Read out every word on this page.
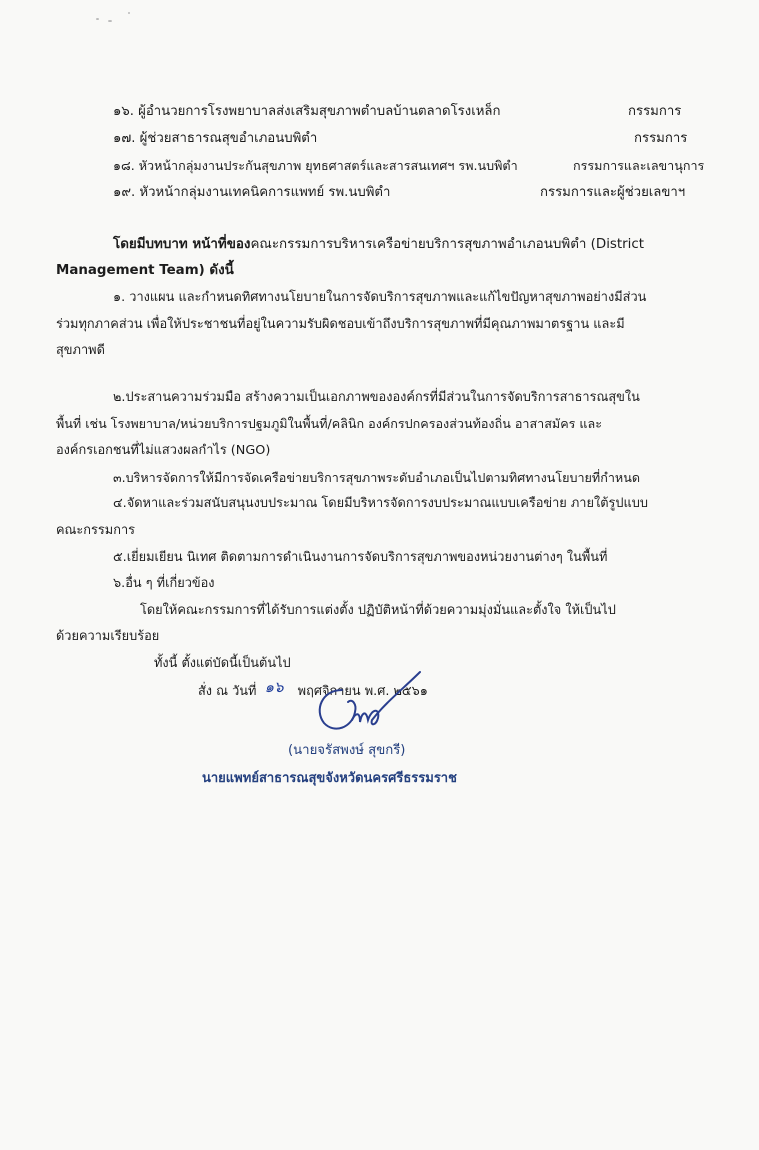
๑๖. ผู้อำนวยการโรงพยาบาลส่งเสริมสุขภาพตำบลบ้านตลาดโรงเหล็ก	กรรมการ
๑๗. ผู้ช่วยสาธารณสุขอำเภอนบพิตำ	กรรมการ
๑๘. หัวหน้ากลุ่มงานประกันสุขภาพ ยุทธศาสตร์และสารสนเทศฯ รพ.นบพิตำ	กรรมการและเลขานุการ
๑๙. หัวหน้ากลุ่มงานเทคนิคการแพทย์ รพ.นบพิตำ	กรรมการและผู้ช่วยเลขาฯ
โดยมีบทบาท หน้าที่ของคณะกรรมการบริหารเครือข่ายบริการสุขภาพอำเภอนบพิตำ (District
Management Team) ดังนี้
๑. วางแผน และกำหนดทิศทางนโยบายในการจัดบริการสุขภาพและแก้ไขปัญหาสุขภาพอย่างมีส่วน
ร่วมทุกภาคส่วน เพื่อให้ประชาชนที่อยู่ในความรับผิดชอบเข้าถึงบริการสุขภาพที่มีคุณภาพมาตรฐาน และมี
สุขภาพดี
๒.ประสานความร่วมมือ สร้างความเป็นเอกภาพขององค์กรที่มีส่วนในการจัดบริการสาธารณสุขใน
พื้นที่ เช่น โรงพยาบาล/หน่วยบริการปฐมภูมิในพื้นที่/คลินิก องค์กรปกครองส่วนท้องถิ่น อาสาสมัคร และ
องค์กรเอกชนที่ไม่แสวงผลกำไร (NGO)
๓.บริหารจัดการให้มีการจัดเครือข่ายบริการสุขภาพระดับอำเภอเป็นไปตามทิศทางนโยบายที่กำหนด
๔.จัดหาและร่วมสนับสนุนงบประมาณ โดยมีบริหารจัดการงบประมาณแบบเครือข่าย ภายใต้รูปแบบ
คณะกรรมการ
๕.เยี่ยมเยียน นิเทศ ติดตามการดำเนินงานการจัดบริการสุขภาพของหน่วยงานต่างๆ ในพื้นที่
๖.อื่น ๆ ที่เกี่ยวข้อง
โดยให้คณะกรรมการที่ได้รับการแต่งตั้ง ปฏิบัติหน้าที่ด้วยความมุ่งมั่นและตั้งใจ ให้เป็นไป
ด้วยความเรียบร้อย
ทั้งนี้ ตั้งแต่บัดนี้เป็นต้นไป
สั่ง ณ วันที่ ๑๖ พฤศจิกายน พ.ศ. ๒๕๖๑
(นายจรัสพงษ์ สุขกรี)
นายแพทย์สาธารณสุขจังหวัดนครศรีธรรมราช
